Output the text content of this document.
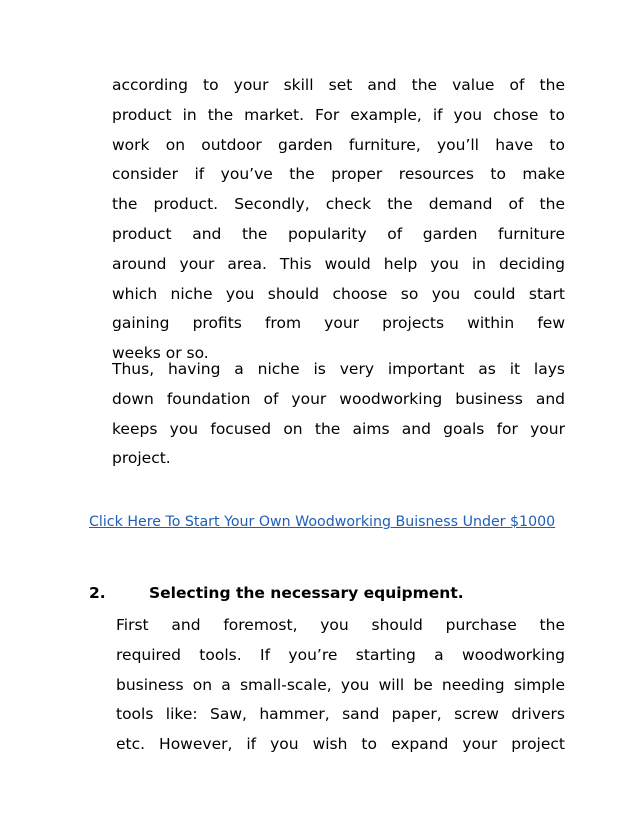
according to your skill set and the value of the
product in the market. For example, if you chose to
work on outdoor garden furniture, you’ll have to
consider if you’ve the proper resources to make
the product. Secondly, check the demand of the
product and the popularity of garden furniture
around your area. This would help you in deciding
which niche you should choose so you could start
gaining profits from your projects within few
weeks or so.
Thus, having a niche is very important as it lays
down foundation of your woodworking business and
keeps you focused on the aims and goals for your
project.
Click Here To Start Your Own Woodworking Buisness Under $1000
2.	Selecting the necessary equipment.
First and foremost, you should purchase the
required tools. If you’re starting a woodworking
business on a small-scale, you will be needing simple
tools like: Saw, hammer, sand paper, screw drivers
etc. However, if you wish to expand your project
